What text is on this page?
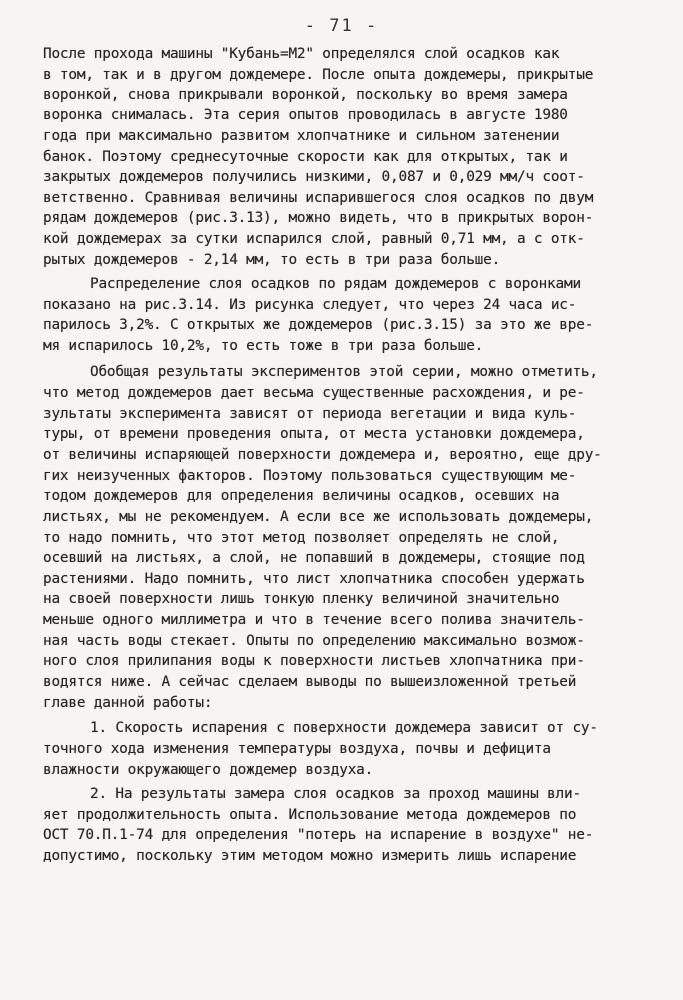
- 71 -
После прохода машины "Кубань=М2" определялся слой осадков как
в том, так и в другом дождемере. После опыта дождемеры, прикрытые
воронкой, снова прикрывали воронкой, поскольку во время замера
воронка снималась. Эта серия опытов проводилась в августе 1980
года при максимально развитом хлопчатнике и сильном затенении
банок. Поэтому среднесуточные скорости как для открытых, так и
закрытых дождемеров получились низкими, 0,087 и 0,029 мм/ч соот-
ветственно. Сравнивая величины испарившегося слоя осадков по двум
рядам дождемеров (рис.3.13), можно видеть, что в прикрытых ворон-
кой дождемерах за сутки испарился слой, равный 0,71 мм, а с отк-
рытых дождемеров - 2,14 мм, то есть в три раза больше.
Распределение слоя осадков по рядам дождемеров с воронками
показано на рис.3.14. Из рисунка следует, что через 24 часа ис-
парилось 3,2%. С открытых же дождемеров (рис.3.15) за это же вре-
мя испарилось 10,2%, то есть тоже в три раза больше.
Обобщая результаты экспериментов этой серии, можно отметить,
что метод дождемеров дает весьма существенные расхождения, и ре-
зультаты эксперимента зависят от периода вегетации и вида куль-
туры, от времени проведения опыта, от места установки дождемера,
от величины испаряющей поверхности дождемера и, вероятно, еще дру-
гих неизученных факторов. Поэтому пользоваться существующим ме-
тодом дождемеров для определения величины осадков, осевших на
листьях, мы не рекомендуем. А если все же использовать дождемеры,
то надо помнить, что этот метод позволяет определять не слой,
осевший на листьях, а слой, не попавший в дождемеры, стоящие под
растениями. Надо помнить, что лист хлопчатника способен удержать
на своей поверхности лишь тонкую пленку величиной значительно
меньше одного миллиметра и что в течение всего полива значитель-
ная часть воды стекает. Опыты по определению максимально возмож-
ного слоя прилипания воды к поверхности листьев хлопчатника при-
водятся ниже. А сейчас сделаем выводы по вышеизложенной третьей
главе данной работы:
1. Скорость испарения с поверхности дождемера зависит от су-
точного хода изменения температуры воздуха, почвы и дефицита
влажности окружающего дождемер воздуха.
2. На результаты замера слоя осадков за проход машины вли-
яет продолжительность опыта. Использование метода дождемеров по
ОСТ 70.П.1-74 для определения "потерь на испарение в воздухе" не-
допустимо, поскольку этим методом можно измерить лишь испарение
